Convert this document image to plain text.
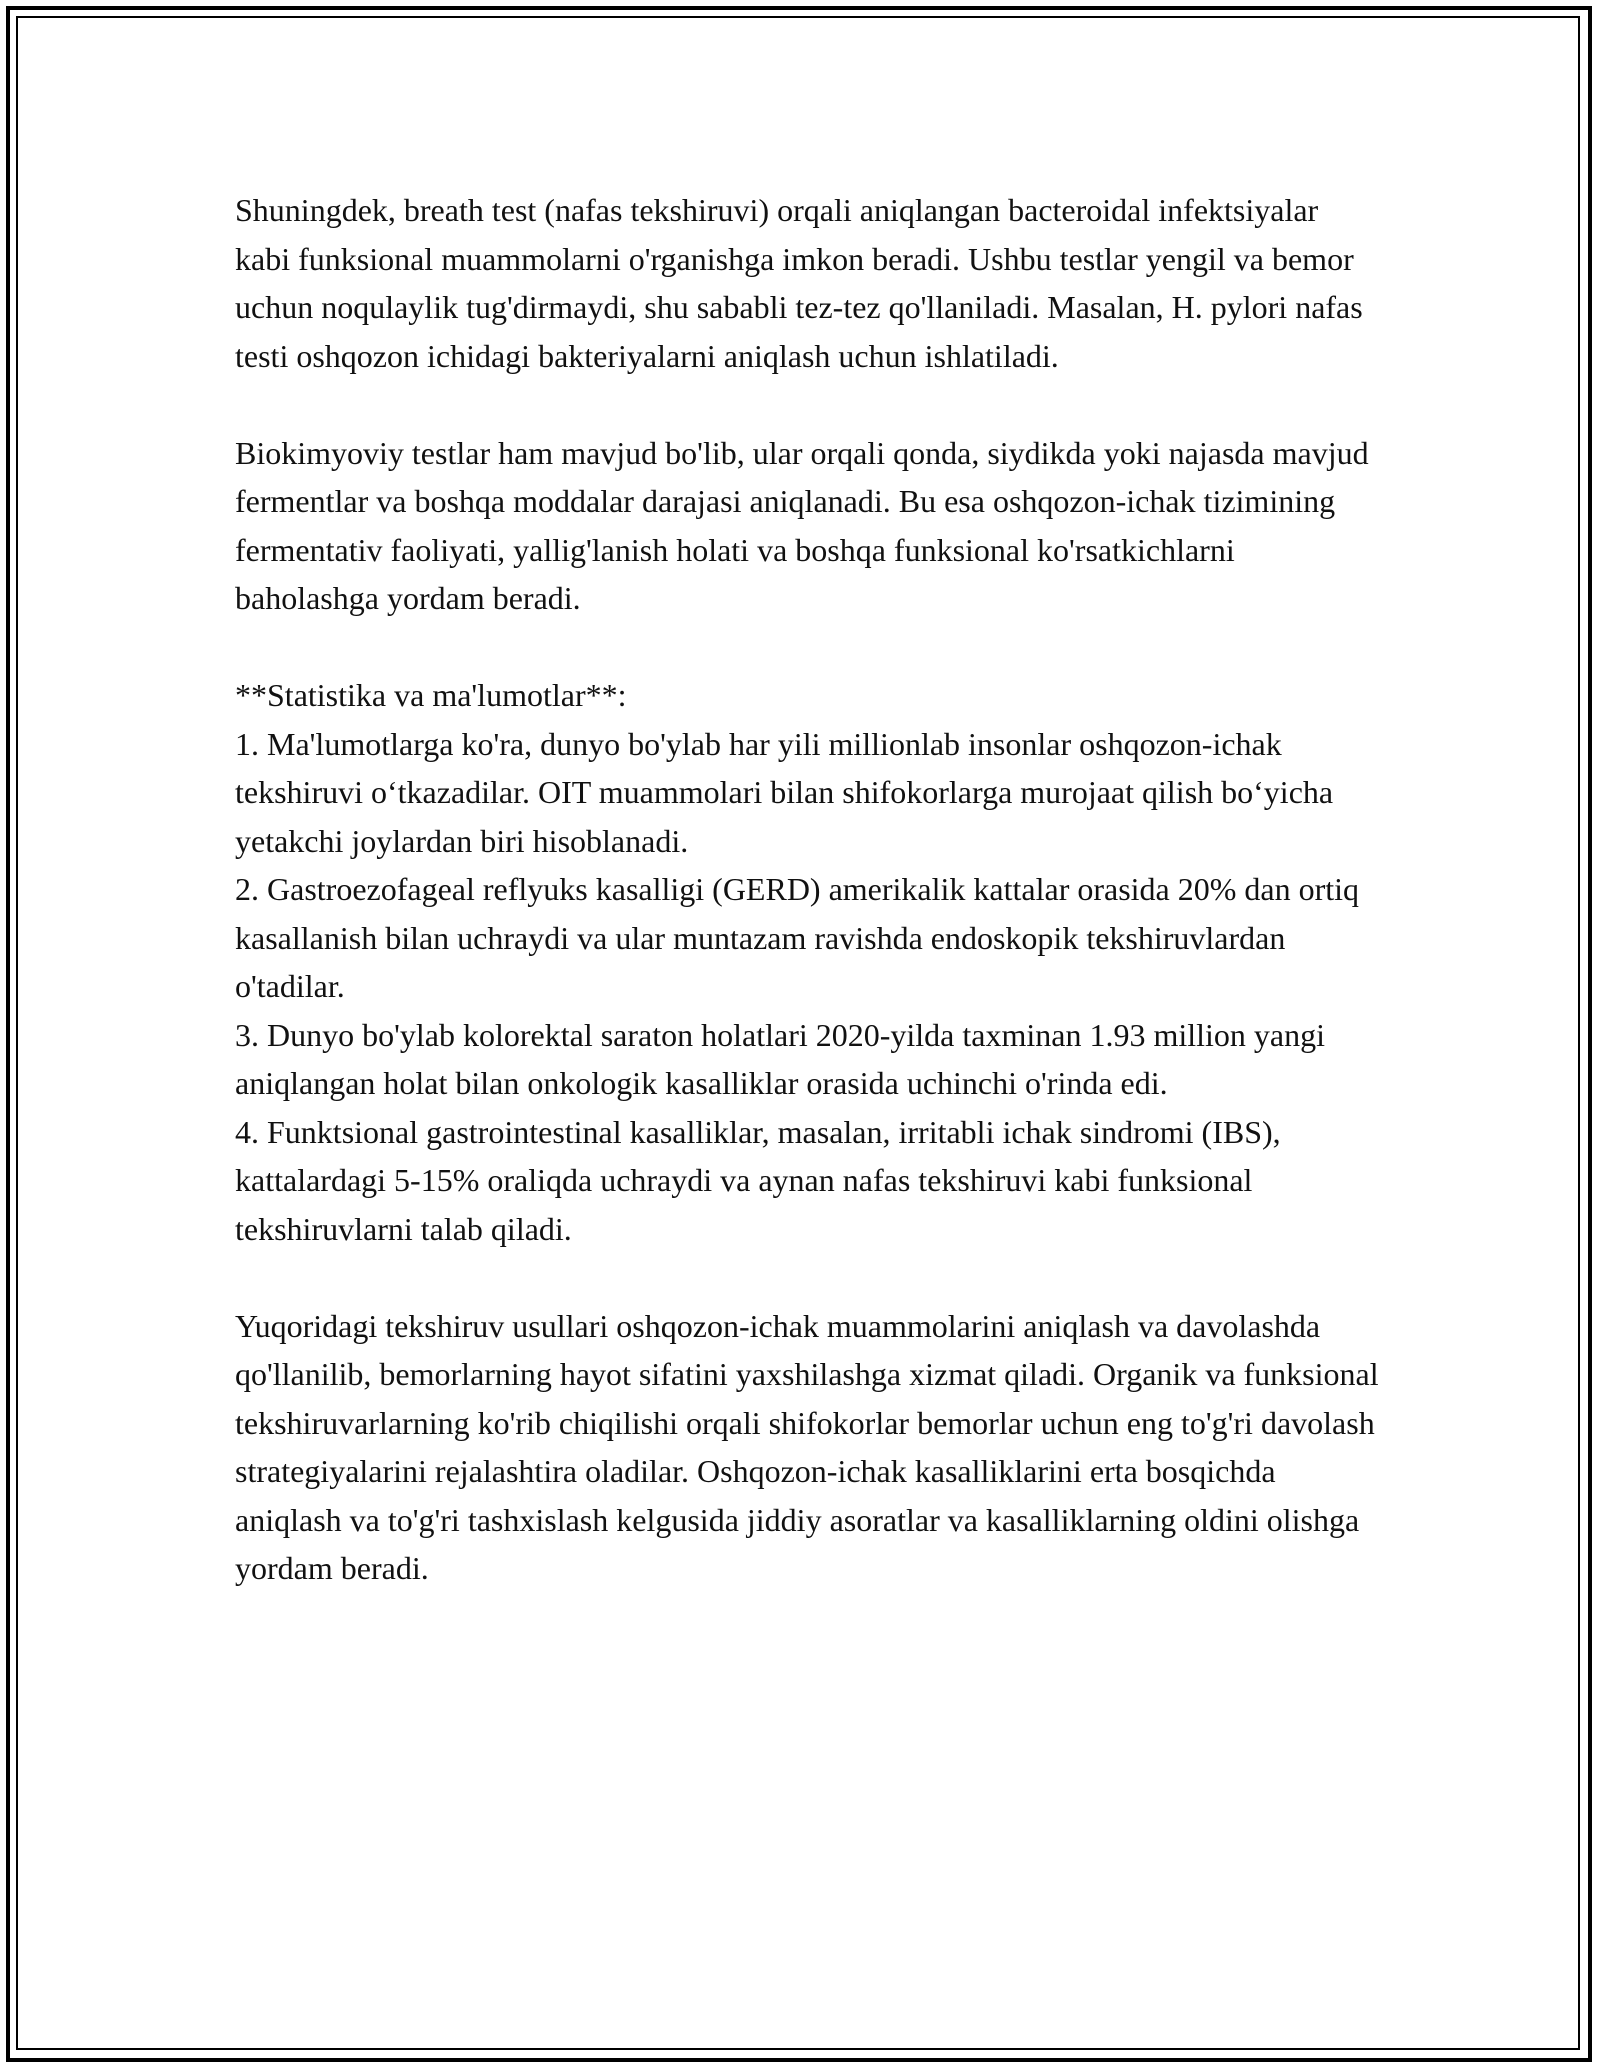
Shuningdek, breath test (nafas tekshiruvi) orqali aniqlangan bacteroidal infektsiyalar kabi funksional muammolarni o'rganishga imkon beradi. Ushbu testlar yengil va bemor uchun noqulaylik tug'dirmaydi, shu sababli tez-tez qo'llaniladi. Masalan, H. pylori nafas testi oshqozon ichidagi bakteriyalarni aniqlash uchun ishlatiladi.

Biokimyoviy testlar ham mavjud bo'lib, ular orqali qonda, siydikda yoki najasda mavjud fermentlar va boshqa moddalar darajasi aniqlanadi. Bu esa oshqozon-ichak tizimining fermentativ faoliyati, yallig'lanish holati va boshqa funksional ko'rsatkichlarni baholashga yordam beradi.

**Statistika va ma'lumotlar**:

1. Ma'lumotlarga ko'ra, dunyo bo'ylab har yili millionlab insonlar oshqozon-ichak tekshiruvi o‘tkazadilar. OIT muammolari bilan shifokorlarga murojaat qilish bo‘yicha yetakchi joylardan biri hisoblanadi.

2. Gastroezofageal reflyuks kasalligi (GERD) amerikalik kattalar orasida 20% dan ortiq kasallanish bilan uchraydi va ular muntazam ravishda endoskopik tekshiruvlardan o'tadilar.

3. Dunyo bo'ylab kolorektal saraton holatlari 2020-yilda taxminan 1.93 million yangi aniqlangan holat bilan onkologik kasalliklar orasida uchinchi o'rinda edi.

4. Funktsional gastrointestinal kasalliklar, masalan, irritabli ichak sindromi (IBS), kattalardagi 5-15% oraliqda uchraydi va aynan nafas tekshiruvi kabi funksional tekshiruvlarni talab qiladi.

Yuqoridagi tekshiruv usullari oshqozon-ichak muammolarini aniqlash va davolashda qo'llanilib, bemorlarning hayot sifatini yaxshilashga xizmat qiladi. Organik va funksional tekshiruvarlarning ko'rib chiqilishi orqali shifokorlar bemorlar uchun eng to'g'ri davolash strategiyalarini rejalashtira oladilar. Oshqozon-ichak kasalliklarini erta bosqichda aniqlash va to'g'ri tashxislash kelgusida jiddiy asoratlar va kasalliklarning oldini olishga yordam beradi.
